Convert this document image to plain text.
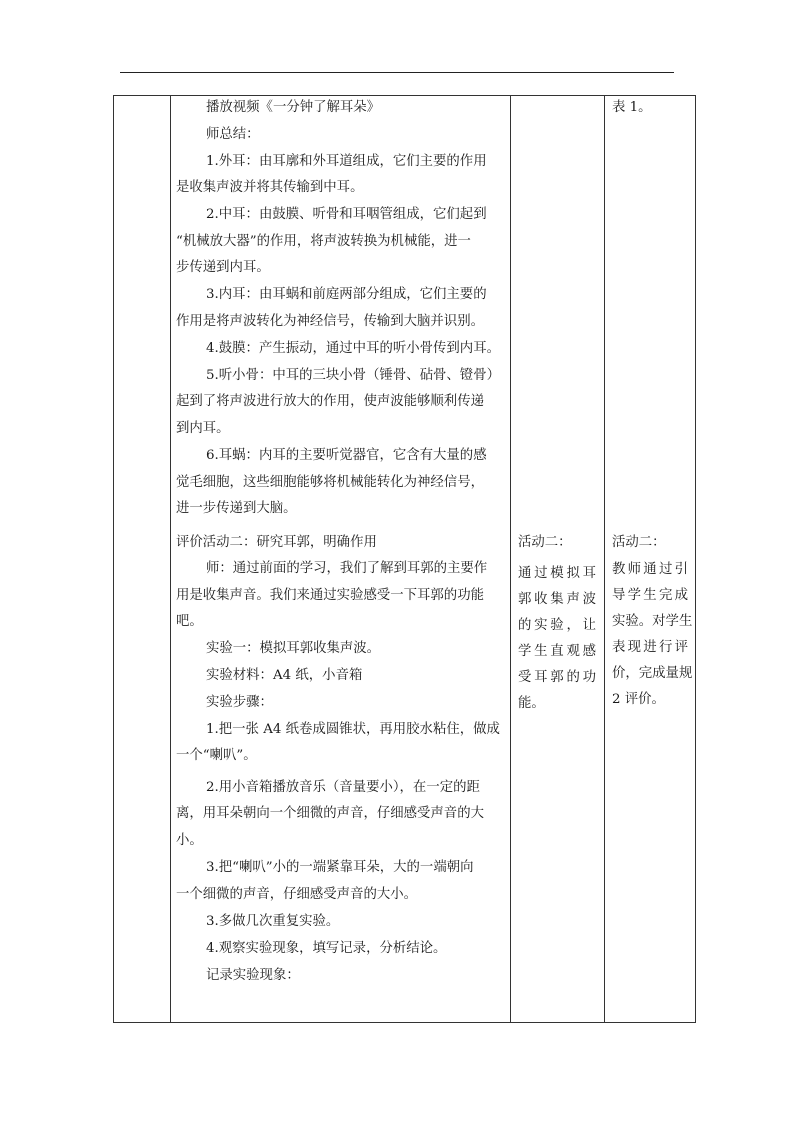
播放视频《一分钟了解耳朵》
师总结：
1.外耳：由耳廓和外耳道组成，它们主要的作用
是收集声波并将其传输到中耳。
2.中耳：由鼓膜、听骨和耳咽管组成，它们起到
“机械放大器”的作用，将声波转换为机械能，进一
步传递到内耳。
3.内耳：由耳蜗和前庭两部分组成，它们主要的
作用是将声波转化为神经信号，传输到大脑并识别。
4.鼓膜：产生振动，通过中耳的听小骨传到内耳。
5.听小骨：中耳的三块小骨（锤骨、砧骨、镫骨）
起到了将声波进行放大的作用，使声波能够顺利传递
到内耳。
6.耳蜗：内耳的主要听觉器官，它含有大量的感
觉毛细胞，这些细胞能够将机械能转化为神经信号，
进一步传递到大脑。
评价活动二：研究耳郭，明确作用
师：通过前面的学习，我们了解到耳郭的主要作
用是收集声音。我们来通过实验感受一下耳郭的功能
吧。
实验一：模拟耳郭收集声波。
实验材料：A4 纸，小音箱
实验步骤：
1.把一张 A4 纸卷成圆锥状，再用胶水粘住，做成
一个“喇叭”。
2.用小音箱播放音乐（音量要小），在一定的距
离，用耳朵朝向一个细微的声音，仔细感受声音的大
小。
3.把“喇叭”小的一端紧靠耳朵，大的一端朝向
一个细微的声音，仔细感受声音的大小。
3.多做几次重复实验。
4.观察实验现象，填写记录，分析结论。
记录实验现象：
活动二：
通过模拟耳
郭收集声波
的实验，让
学生直观感
受耳郭的功
能。
表 1。
活动二：
教师通过引
导学生完成
实验。对学生
表现进行评
价，完成量规
2 评价。
